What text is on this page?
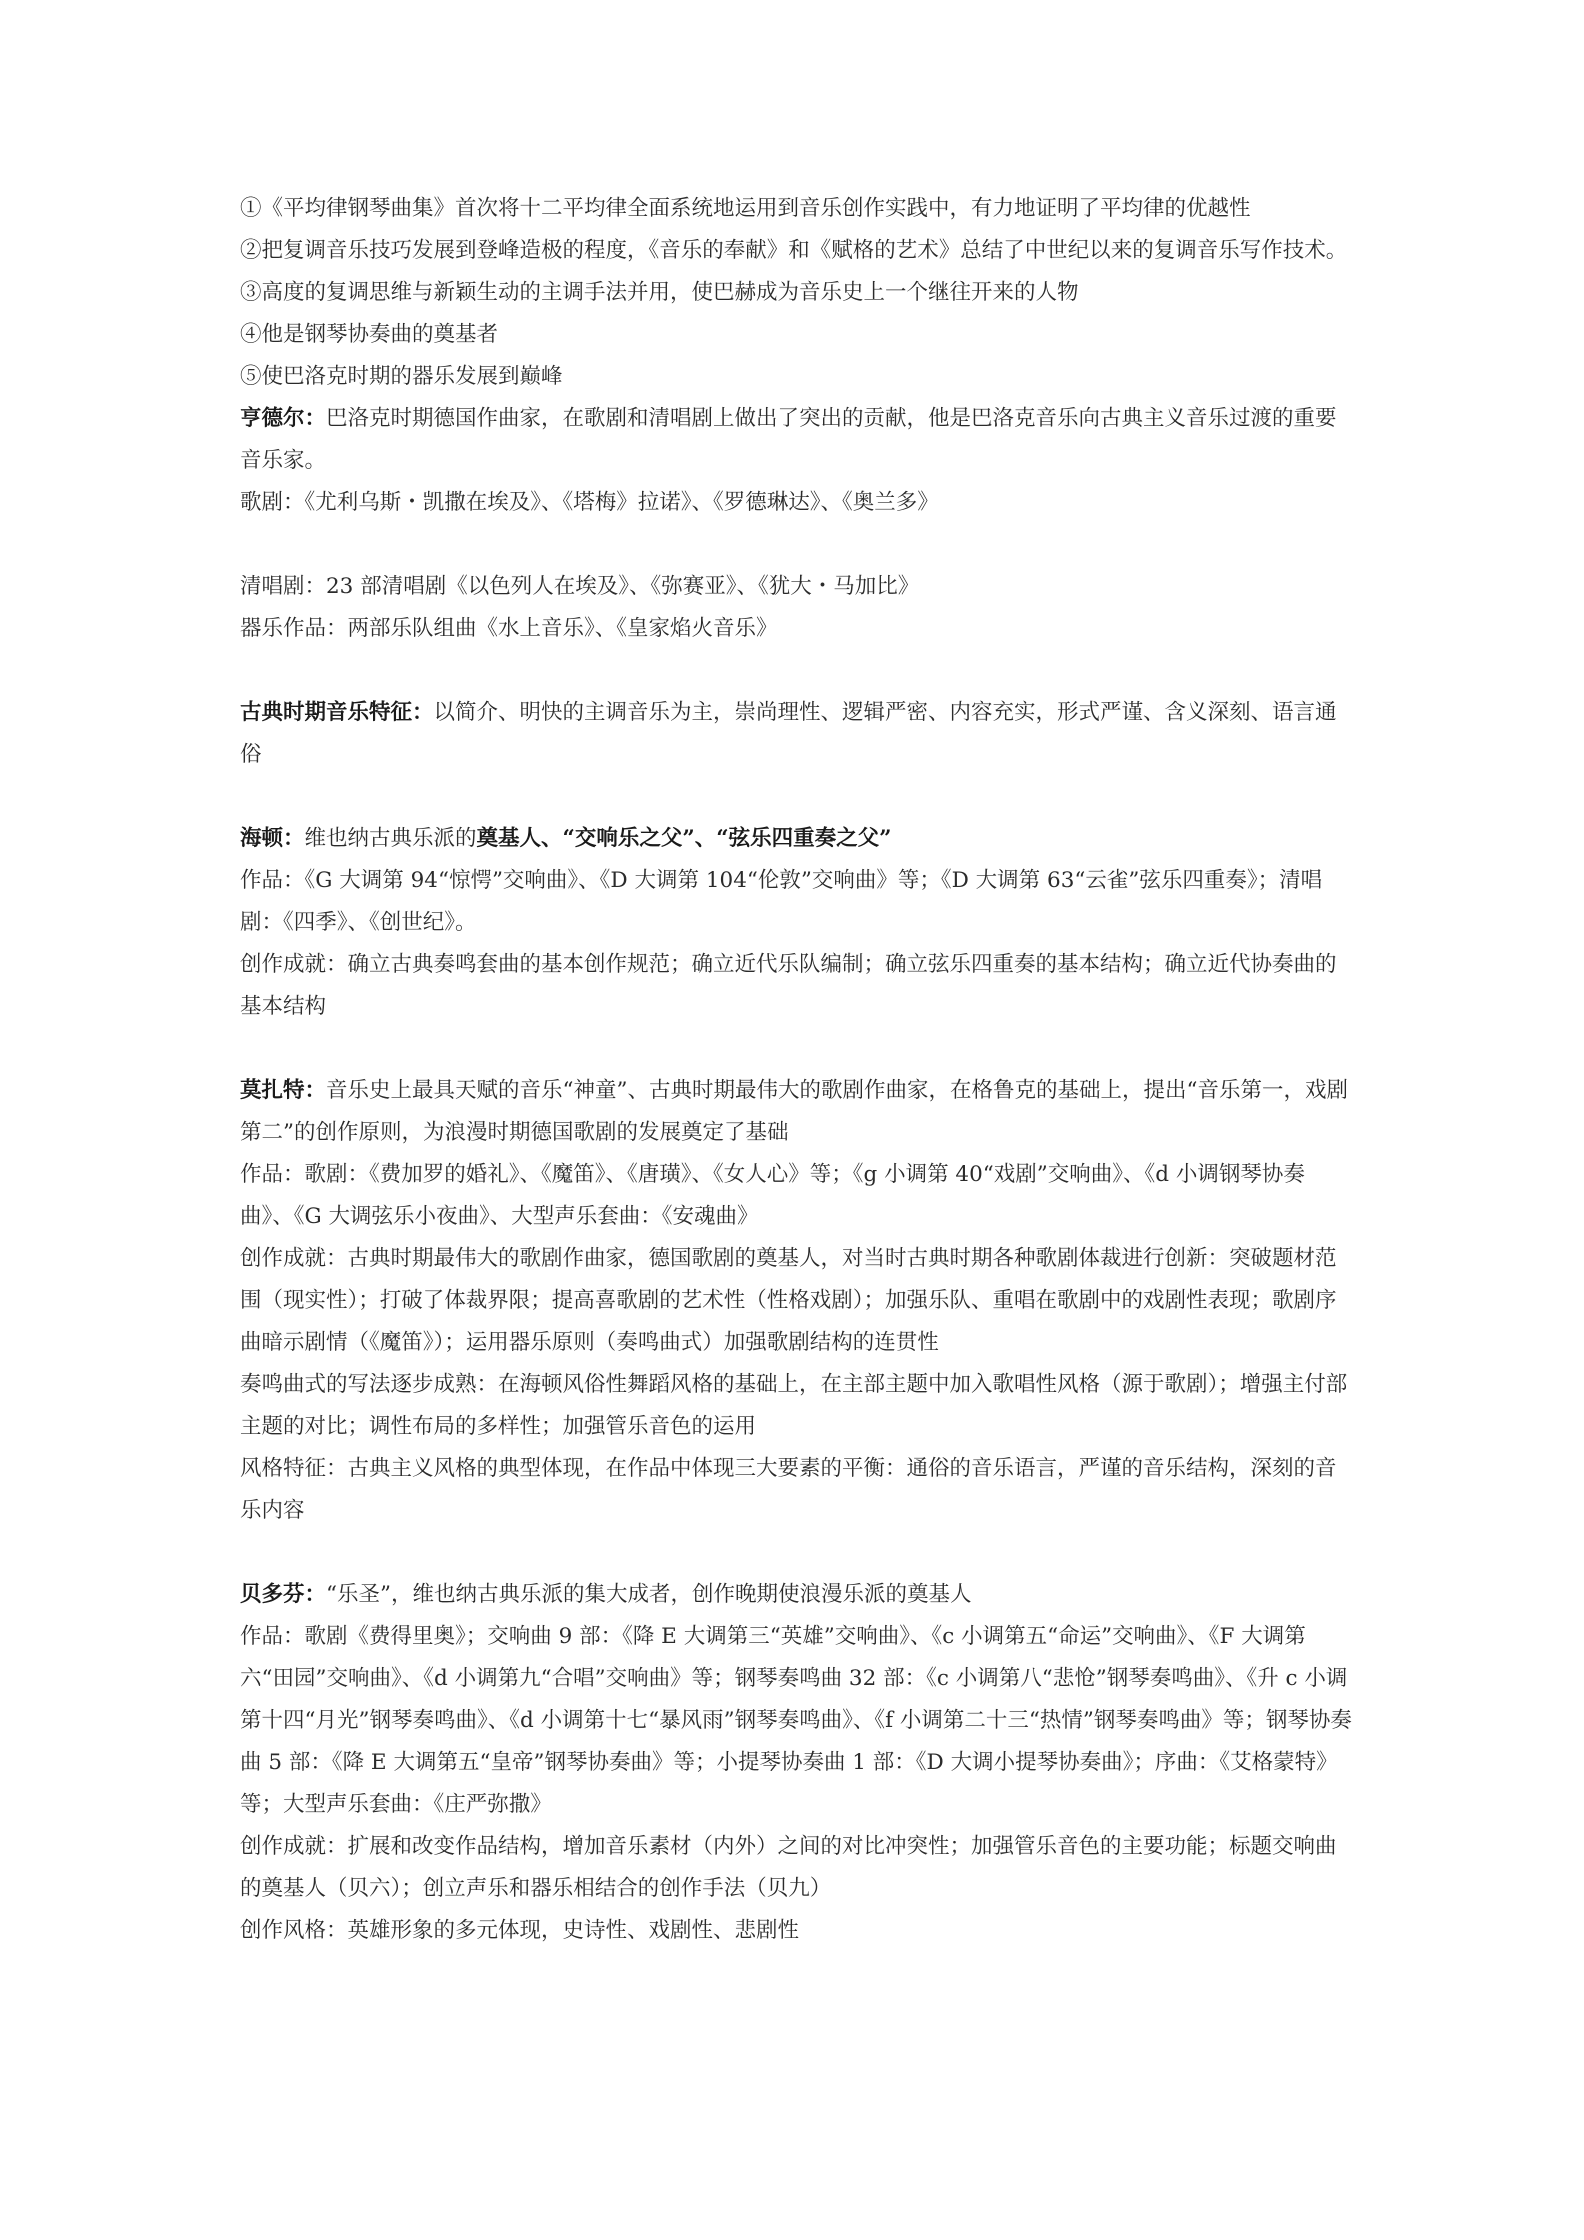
①《平均律钢琴曲集》首次将十二平均律全面系统地运用到音乐创作实践中，有力地证明了平均律的优越性

②把复调音乐技巧发展到登峰造极的程度，《音乐的奉献》和《赋格的艺术》总结了中世纪以来的复调音乐写作技术。

③高度的复调思维与新颖生动的主调手法并用，使巴赫成为音乐史上一个继往开来的人物

④他是钢琴协奏曲的奠基者

⑤使巴洛克时期的器乐发展到巅峰

亨德尔：巴洛克时期德国作曲家，在歌剧和清唱剧上做出了突出的贡献，他是巴洛克音乐向古典主义音乐过渡的重要音乐家。

歌剧：《尤利乌斯・凯撒在埃及》、《塔梅》拉诺》、《罗德琳达》、《奥兰多》

清唱剧：23 部清唱剧《以色列人在埃及》、《弥赛亚》、《犹大・马加比》

器乐作品：两部乐队组曲《水上音乐》、《皇家焰火音乐》

古典时期音乐特征：以简介、明快的主调音乐为主，崇尚理性、逻辑严密、内容充实，形式严谨、含义深刻、语言通俗

海顿：维也纳古典乐派的奠基人、“交响乐之父”、“弦乐四重奏之父”

作品：《G 大调第 94“惊愕”交响曲》、《D 大调第 104“伦敦”交响曲》等；《D 大调第 63“云雀”弦乐四重奏》；清唱剧：《四季》、《创世纪》。

创作成就：确立古典奏鸣套曲的基本创作规范；确立近代乐队编制；确立弦乐四重奏的基本结构；确立近代协奏曲的基本结构

莫扎特：音乐史上最具天赋的音乐“神童”、古典时期最伟大的歌剧作曲家，在格鲁克的基础上，提出“音乐第一，戏剧第二”的创作原则，为浪漫时期德国歌剧的发展奠定了基础

作品：歌剧：《费加罗的婚礼》、《魔笛》、《唐璜》、《女人心》等；《g 小调第 40“戏剧”交响曲》、《d 小调钢琴协奏曲》、《G 大调弦乐小夜曲》、大型声乐套曲：《安魂曲》

创作成就：古典时期最伟大的歌剧作曲家，德国歌剧的奠基人，对当时古典时期各种歌剧体裁进行创新：突破题材范围（现实性）；打破了体裁界限；提高喜歌剧的艺术性（性格戏剧）；加强乐队、重唱在歌剧中的戏剧性表现；歌剧序曲暗示剧情（《魔笛》）；运用器乐原则（奏鸣曲式）加强歌剧结构的连贯性

奏鸣曲式的写法逐步成熟：在海顿风俗性舞蹈风格的基础上，在主部主题中加入歌唱性风格（源于歌剧）；增强主付部主题的对比；调性布局的多样性；加强管乐音色的运用

风格特征：古典主义风格的典型体现，在作品中体现三大要素的平衡：通俗的音乐语言，严谨的音乐结构，深刻的音乐内容

贝多芬：“乐圣”，维也纳古典乐派的集大成者，创作晚期使浪漫乐派的奠基人

作品：歌剧《费得里奥》；交响曲 9 部：《降 E 大调第三“英雄”交响曲》、《c 小调第五“命运”交响曲》、《F 大调第六“田园”交响曲》、《d 小调第九“合唱”交响曲》等；钢琴奏鸣曲 32 部：《c 小调第八“悲怆”钢琴奏鸣曲》、《升 c 小调第十四“月光”钢琴奏鸣曲》、《d 小调第十七“暴风雨”钢琴奏鸣曲》、《f 小调第二十三“热情”钢琴奏鸣曲》等；钢琴协奏曲 5 部：《降 E 大调第五“皇帝”钢琴协奏曲》等；小提琴协奏曲 1 部：《D 大调小提琴协奏曲》；序曲：《艾格蒙特》等；大型声乐套曲：《庄严弥撒》

创作成就：扩展和改变作品结构，增加音乐素材（内外）之间的对比冲突性；加强管乐音色的主要功能；标题交响曲的奠基人（贝六）；创立声乐和器乐相结合的创作手法（贝九）

创作风格：英雄形象的多元体现，史诗性、戏剧性、悲剧性
